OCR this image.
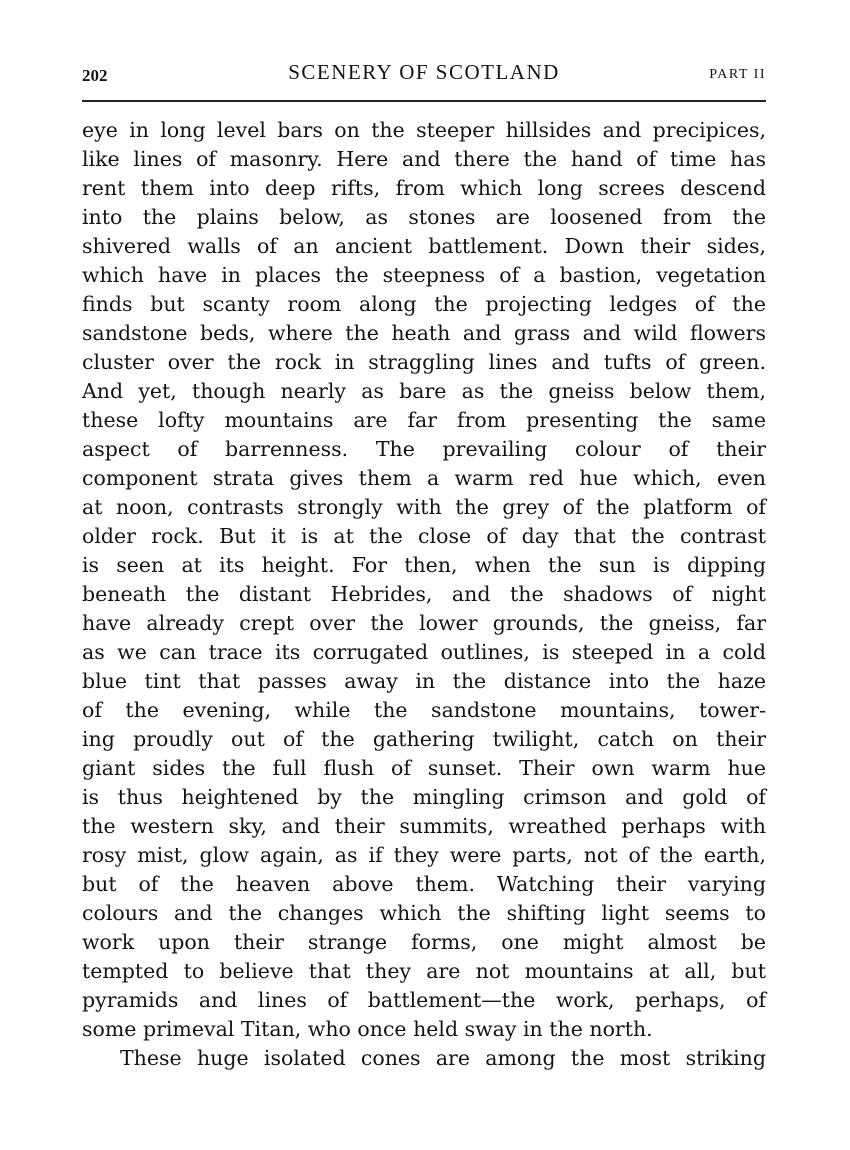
202	SCENERY OF SCOTLAND	PART II
eye in long level bars on the steeper hillsides and precipices,
like lines of masonry. Here and there the hand of time has
rent them into deep rifts, from which long screes descend
into the plains below, as stones are loosened from the
shivered walls of an ancient battlement. Down their sides,
which have in places the steepness of a bastion, vegetation
finds but scanty room along the projecting ledges of the
sandstone beds, where the heath and grass and wild flowers
cluster over the rock in straggling lines and tufts of green.
And yet, though nearly as bare as the gneiss below them,
these lofty mountains are far from presenting the same
aspect of barrenness. The prevailing colour of their
component strata gives them a warm red hue which, even
at noon, contrasts strongly with the grey of the platform of
older rock. But it is at the close of day that the contrast
is seen at its height. For then, when the sun is dipping
beneath the distant Hebrides, and the shadows of night
have already crept over the lower grounds, the gneiss, far
as we can trace its corrugated outlines, is steeped in a cold
blue tint that passes away in the distance into the haze
of the evening, while the sandstone mountains, tower-
ing proudly out of the gathering twilight, catch on their
giant sides the full flush of sunset. Their own warm hue
is thus heightened by the mingling crimson and gold of
the western sky, and their summits, wreathed perhaps with
rosy mist, glow again, as if they were parts, not of the earth,
but of the heaven above them. Watching their varying
colours and the changes which the shifting light seems to
work upon their strange forms, one might almost be
tempted to believe that they are not mountains at all, but
pyramids and lines of battlement—the work, perhaps, of
some primeval Titan, who once held sway in the north.
These huge isolated cones are among the most striking
